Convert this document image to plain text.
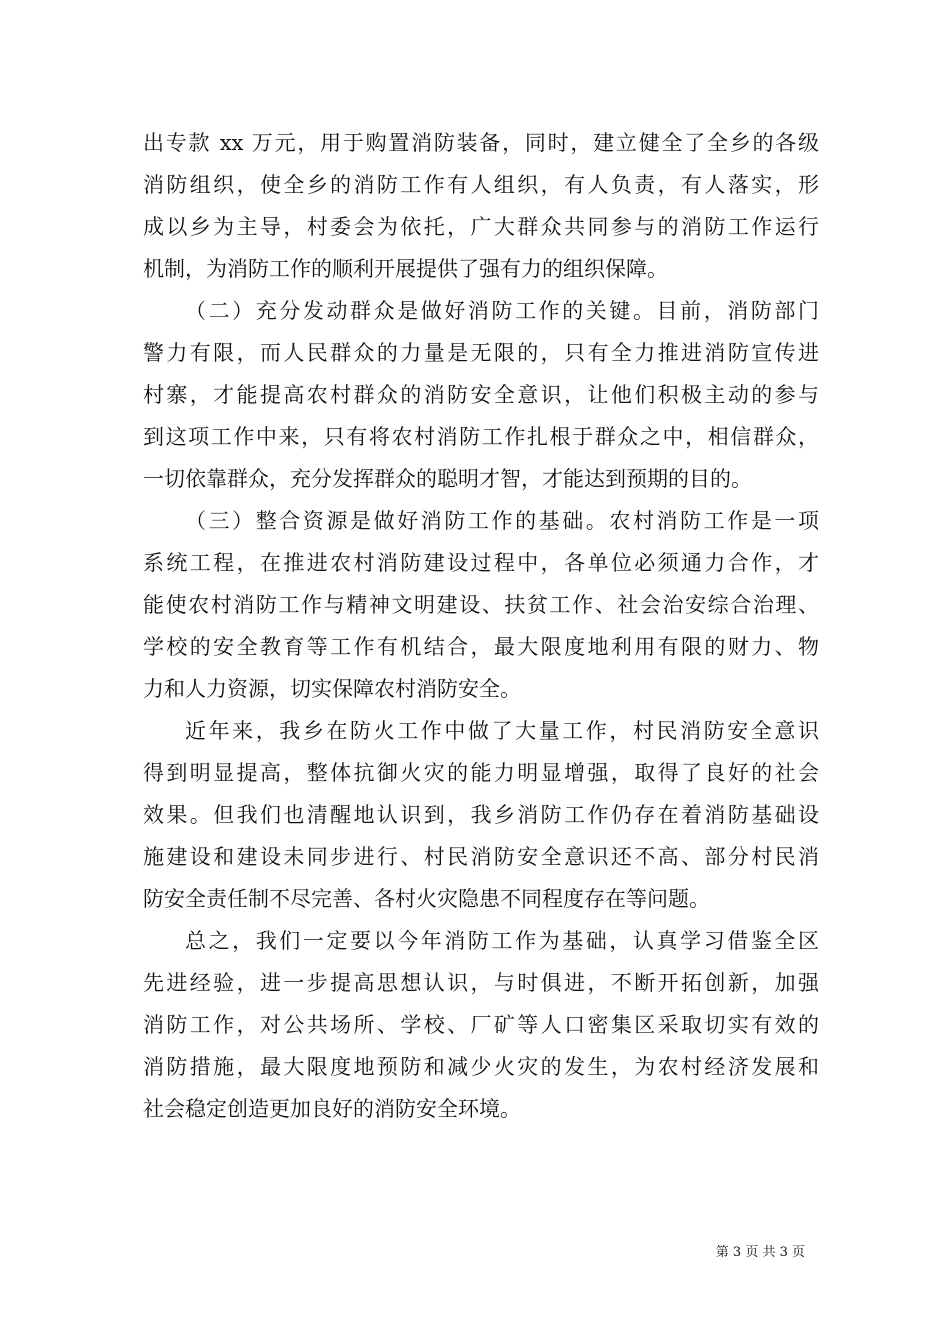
出专款 xx 万元，用于购置消防装备，同时，建立健全了全乡的各级
消防组织，使全乡的消防工作有人组织，有人负责，有人落实，形
成以乡为主导，村委会为依托，广大群众共同参与的消防工作运行
机制，为消防工作的顺利开展提供了强有力的组织保障。
（二）充分发动群众是做好消防工作的关键。目前，消防部门
警力有限，而人民群众的力量是无限的，只有全力推进消防宣传进
村寨，才能提高农村群众的消防安全意识，让他们积极主动的参与
到这项工作中来，只有将农村消防工作扎根于群众之中，相信群众，
一切依靠群众，充分发挥群众的聪明才智，才能达到预期的目的。
（三）整合资源是做好消防工作的基础。农村消防工作是一项
系统工程，在推进农村消防建设过程中，各单位必须通力合作，才
能使农村消防工作与精神文明建设、扶贫工作、社会治安综合治理、
学校的安全教育等工作有机结合，最大限度地利用有限的财力、物
力和人力资源，切实保障农村消防安全。
近年来，我乡在防火工作中做了大量工作，村民消防安全意识
得到明显提高，整体抗御火灾的能力明显增强，取得了良好的社会
效果。但我们也清醒地认识到，我乡消防工作仍存在着消防基础设
施建设和建设未同步进行、村民消防安全意识还不高、部分村民消
防安全责任制不尽完善、各村火灾隐患不同程度存在等问题。
总之，我们一定要以今年消防工作为基础，认真学习借鉴全区
先进经验，进一步提高思想认识，与时俱进，不断开拓创新，加强
消防工作，对公共场所、学校、厂矿等人口密集区采取切实有效的
消防措施，最大限度地预防和减少火灾的发生，为农村经济发展和
社会稳定创造更加良好的消防安全环境。
第 3 页 共 3 页
